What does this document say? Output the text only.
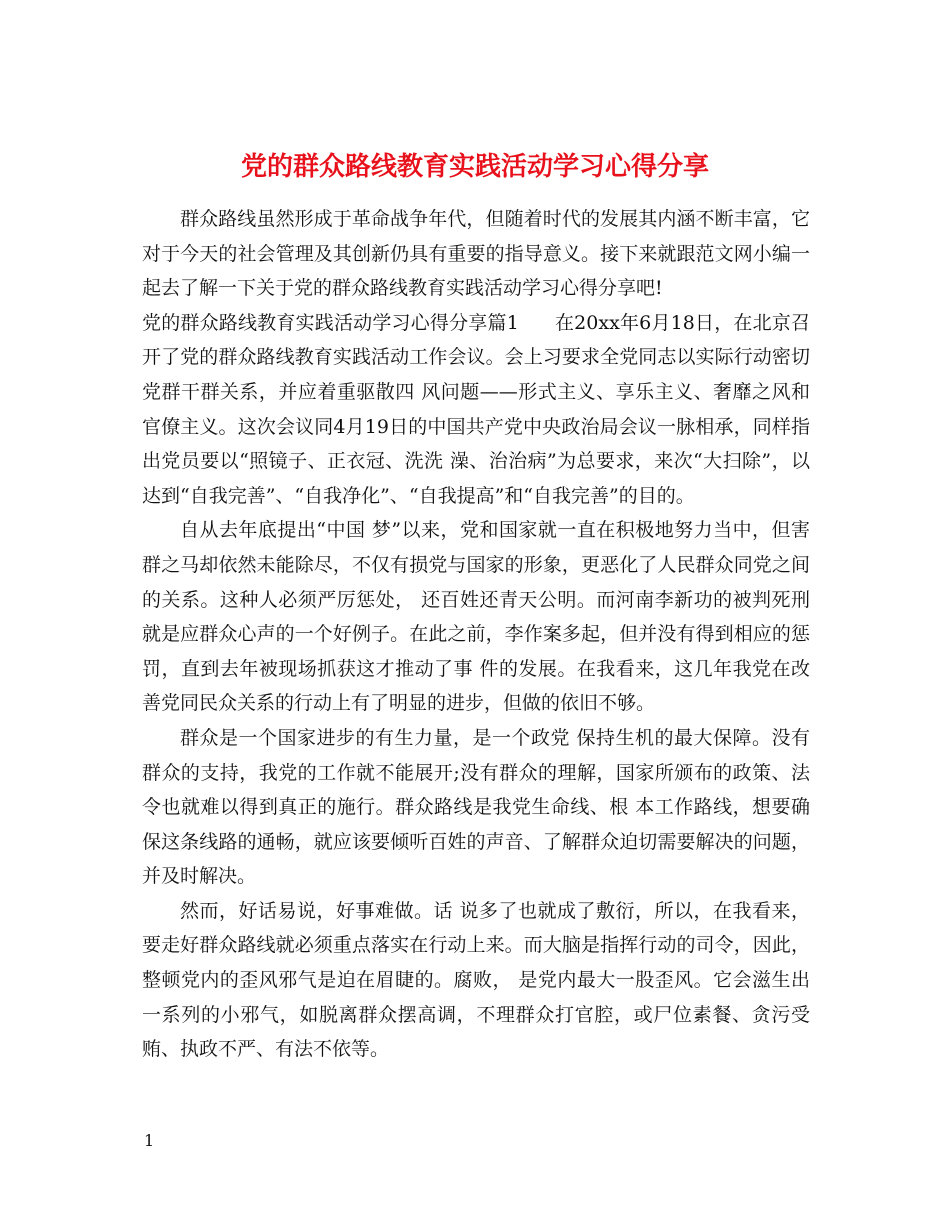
党的群众路线教育实践活动学习心得分享

群众路线虽然形成于革命战争年代，但随着时代的发展其内涵不断丰富，它对于今天的社会管理及其创新仍具有重要的指导意义。接下来就跟范文网小编一起去了解一下关于党的群众路线教育实践活动学习心得分享吧!

党的群众路线教育实践活动学习心得分享篇1 在20xx年6月18日，在北京召开了党的群众路线教育实践活动工作会议。会上习要求全党同志以实际行动密切党群干群关系，并应着重驱散四 风问题——形式主义、享乐主义、奢靡之风和官僚主义。这次会议同4月19日的中国共产党中央政治局会议一脉相承，同样指出党员要以“照镜子、正衣冠、洗洗 澡、治治病”为总要求，来次“大扫除”，以达到“自我完善”、“自我净化”、“自我提高”和“自我完善”的目的。

自从去年底提出“中国 梦”以来，党和国家就一直在积极地努力当中，但害群之马却依然未能除尽，不仅有损党与国家的形象，更恶化了人民群众同党之间的关系。这种人必须严厉惩处， 还百姓还青天公明。而河南李新功的被判死刑就是应群众心声的一个好例子。在此之前，李作案多起，但并没有得到相应的惩罚，直到去年被现场抓获这才推动了事 件的发展。在我看来，这几年我党在改善党同民众关系的行动上有了明显的进步，但做的依旧不够。

群众是一个国家进步的有生力量，是一个政党 保持生机的最大保障。没有群众的支持，我党的工作就不能展开;没有群众的理解，国家所颁布的政策、法令也就难以得到真正的施行。群众路线是我党生命线、根 本工作路线，想要确保这条线路的通畅，就应该要倾听百姓的声音、了解群众迫切需要解决的问题，并及时解决。

然而，好话易说，好事难做。话 说多了也就成了敷衍，所以，在我看来，要走好群众路线就必须重点落实在行动上来。而大脑是指挥行动的司令，因此，整顿党内的歪风邪气是迫在眉睫的。腐败， 是党内最大一股歪风。它会滋生出一系列的小邪气，如脱离群众摆高调，不理群众打官腔，或尸位素餐、贪污受贿、执政不严、有法不依等。

1
